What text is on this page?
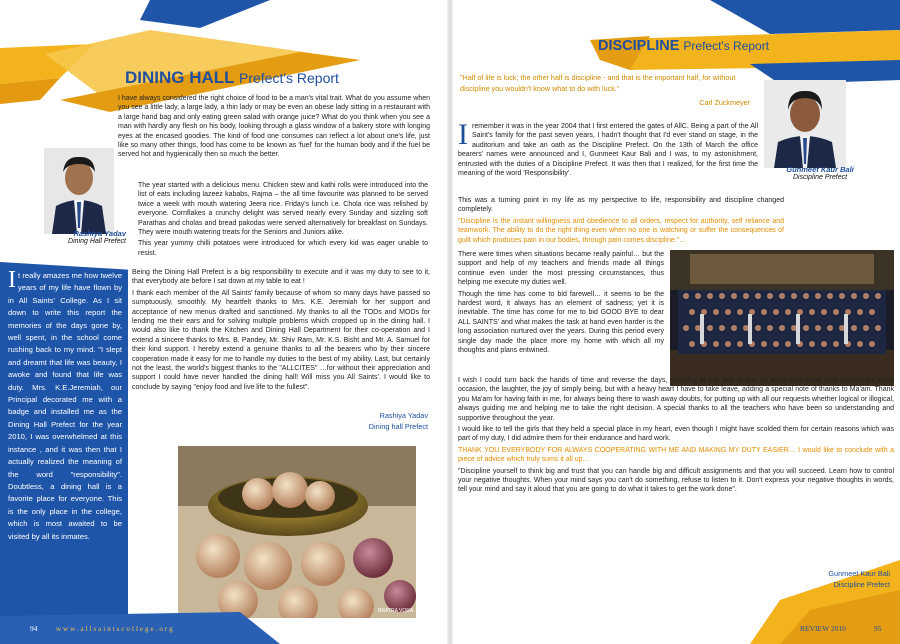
DINING HALL Prefect's Report
Rashiya Yadav
Dining Hall Prefect

I have always considered the right choice of food to be a man's vital trait. What do you assume when you see a little lady, a large lady, a thin lady or may be even an obese lady sitting in a restaurant with a large hand bag and only eating green salad with orange juice? What do you think when you see a man with hardly any flesh on his body, looking through a glass window of a bakery store with longing eyes at the encased goodies. The kind of food one consumes can reflect a lot about one's life, just like so many other things, food has come to be known as 'fuel' for the human body and if the fuel be served hot and hygienically then so much the better.

The year started with a delicious menu. Chicken stew and kathi rolls were introduced into the list of eats including lazeez kababs, Rajma – the all time favourite was planned to be served twice a week with mouth watering Jeera rice. Friday's lunch i.e. Chola rice was relished by everyone. Cornflakes a crunchy delight was served nearly every Sunday and sizzling soft Parathas and cholas and bread pakodas were served alternatively for breakfast on Sundays. They were mouth watering treats for the Seniors and Juniors alike.

This year yummy chilli potatoes were introduced for which every kid was eager unable to resist.

Being the Dining Hall Prefect is a big responsibility to execute and it was my duty to see to it, that everybody ate before I sat down at my table to eat !

I thank each member of the All Saints' family because of whom so many days have passed so sumptuously, smoothly. My heartfelt thanks to Mrs. K.E. Jeremiah for her support and acceptance of new menus drafted and sanctioned. My thanks to all the TODs and MODs for lending me their ears and for solving multiple problems which cropped up in the dining hall. I would also like to thank the Kitchen and Dining Hall Department for their co-operation and I extend a sincere thanks to Mrs. B. Pandey, Mr. Shiv Ram, Mr. K.S. Bisht and Mr. A. Samuel for their kind support. I hereby extend a genuine thanks to all the bearers who by their sincere cooperation made it easy for me to handle my duties to the best of my ability. Last, but certainly not the least, the world's biggest thanks to the "ALLCITES" …for without their appreciation and support I could have never handled the dining hall! Will miss you All Saints'. I would like to conclude by saying "enjoy food and live life to the fullest".

Rashiya Yadav
Dining hall Prefect
It really amazes me how twelve years of my life have flown by in All Saints' College. As I sit down to write this report the memories of the days gone by, well spent, in the school come rushing back to my mind. "I slept and dreamt that life was beauty, I awoke and found that life was duty. Mrs. K.E.Jeremiah, our Principal decorated me with a badge and installed me as the Dining Hall Prefect for the year 2010, I was overwhelmed at this instance , and it was then that I actually realized the meaning of the word "responsibility". Doubtless, a dining hall is a favorite place for everyone. This is the only place in the college, which is most awaited to be visited by all its inmates.
BRATRA VORA
94	www.allsaintscollege.org
DISCIPLINE Prefect's Report
"Half of life is luck; the other half is discipline - and that is the important half, for without discipline you wouldn't know what to do with luck."
Carl Zuckmeyer
Gunmeet Kaur Bali
Discipline Prefect

Iremember it was in the year 2004 that I first entered the gates of AllC. Being a part of the All Saint's family for the past seven years, I hadn't thought that I'd ever stand on stage, in the auditorium and take an oath as the Discipline Prefect. On the 13th of March the office bearers' names were announced and I, Gunmeet Kaur Bali and I was, to my astonishment, entrusted with the duties of a Discipline Prefect. It was then that I realized, for the first time the meaning of the word 'Responsibility'.

This was a turning point in my life as my perspective to life, responsibility and discipline changed completely.

"Discipline is the instant willingness and obedience to all orders, respect for authority, self reliance and teamwork. The ability to do the right thing even when no one is watching or suffer the consequences of guilt which produces pain in our bodies, through pain comes discipline."…

There were times when situations became really painful… but the support and help of my teachers and friends made all things continue even under the most pressing circumstances, thus helping me execute my duties well.

Though the time has come to bid farewell… it seems to be the hardest word, it always has an element of sadness; yet it is inevitable. The time has come for me to bid GOOD BYE to dear ALL SAINTS' and what makes the task at hand even harder is the long association nurtured over the years. During this period every single day made the place more my home with which all my thoughts and plans entwined.

I wish I could turn back the hands of time and reverse the days, shouting at the girls to line up when they were very excited for some occasion, the laughter, the joy of simply being, but with a heavy heart I have to take leave, adding a special note of thanks to Ma'am. Thank you Ma'am for having faith in me, for always being there to wash away doubts, for putting up with all our requests whether logical or illogical, always guiding me and helping me to take the right decision. A special thanks to all the teachers who have been so understanding and supportive throughout the year.

I would like to tell the girls that they held a special place in my heart, even though I might have scolded them for certain reasons which was part of my duty, I did admire them for their endurance and hard work.

THANK YOU EVERYBODY FOR ALWAYS COOPERATING WITH ME AND MAKING MY DUTY EASIER… I would like to conclude with a piece of advice which truly sums it all up…

"Discipline yourself to think big and trust that you can handle big and difficult assignments and that you will succeed. Learn how to control your negative thoughts. When your mind says you can't do something, refuse to listen to it. Don't express your negative thoughts in words, tell your mind and say it aloud that you are going to do what it takes to get the work done".

Gunmeet Kaur Bali
Discipline Prefect
REVIEW 2010	95
